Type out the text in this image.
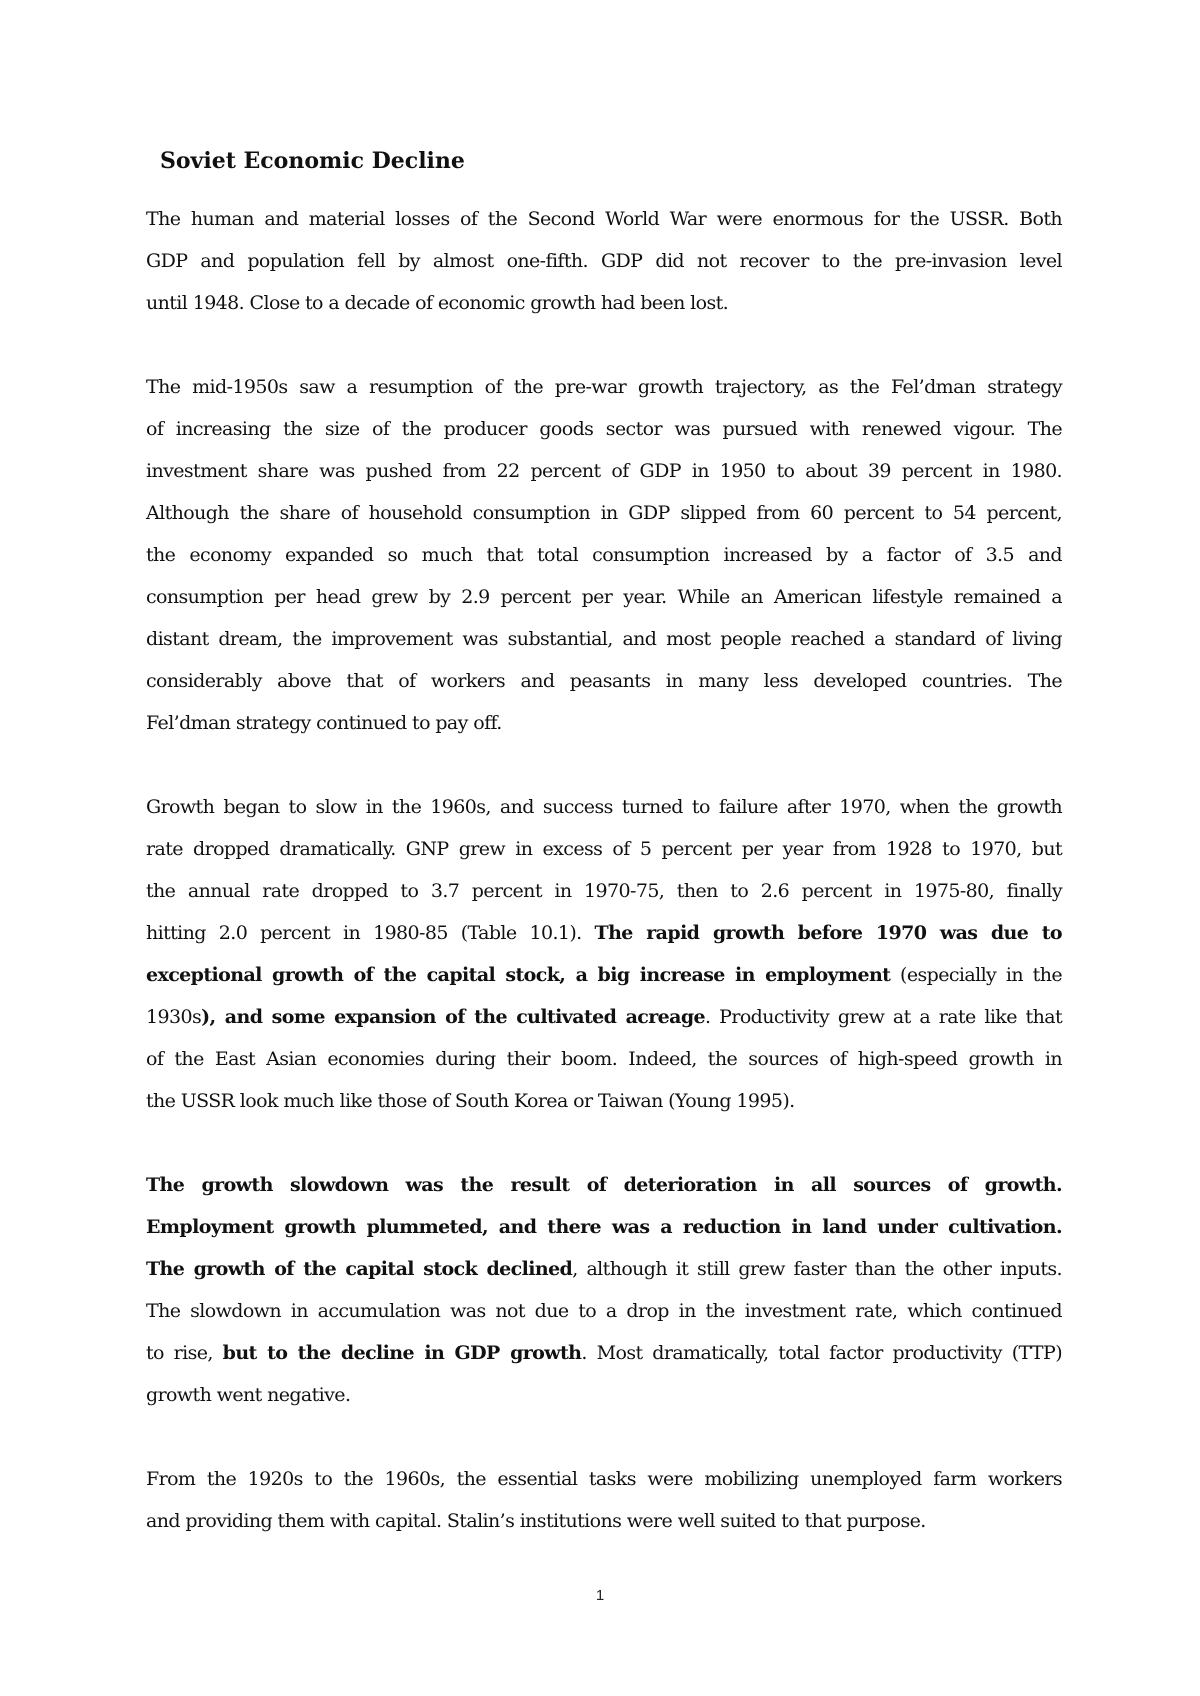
Soviet Economic Decline
The human and material losses of the Second World War were enormous for the USSR. Both
GDP and population fell by almost one-fifth. GDP did not recover to the pre-invasion level
until 1948. Close to a decade of economic growth had been lost.
The mid-1950s saw a resumption of the pre-war growth trajectory, as the Fel’dman strategy
of increasing the size of the producer goods sector was pursued with renewed vigour. The
investment share was pushed from 22 percent of GDP in 1950 to about 39 percent in 1980.
Although the share of household consumption in GDP slipped from 60 percent to 54 percent,
the economy expanded so much that total consumption increased by a factor of 3.5 and
consumption per head grew by 2.9 percent per year. While an American lifestyle remained a
distant dream, the improvement was substantial, and most people reached a standard of living
considerably above that of workers and peasants in many less developed countries. The
Fel’dman strategy continued to pay off.
Growth began to slow in the 1960s, and success turned to failure after 1970, when the growth
rate dropped dramatically. GNP grew in excess of 5 percent per year from 1928 to 1970, but
the annual rate dropped to 3.7 percent in 1970-75, then to 2.6 percent in 1975-80, finally
hitting 2.0 percent in 1980-85 (Table 10.1). The rapid growth before 1970 was due to
exceptional growth of the capital stock, a big increase in employment (especially in the
1930s), and some expansion of the cultivated acreage. Productivity grew at a rate like that
of the East Asian economies during their boom. Indeed, the sources of high-speed growth in
the USSR look much like those of South Korea or Taiwan (Young 1995).
The growth slowdown was the result of deterioration in all sources of growth.
Employment growth plummeted, and there was a reduction in land under cultivation.
The growth of the capital stock declined, although it still grew faster than the other inputs.
The slowdown in accumulation was not due to a drop in the investment rate, which continued
to rise, but to the decline in GDP growth. Most dramatically, total factor productivity (TTP)
growth went negative.
From the 1920s to the 1960s, the essential tasks were mobilizing unemployed farm workers
and providing them with capital. Stalin’s institutions were well suited to that purpose.
1
